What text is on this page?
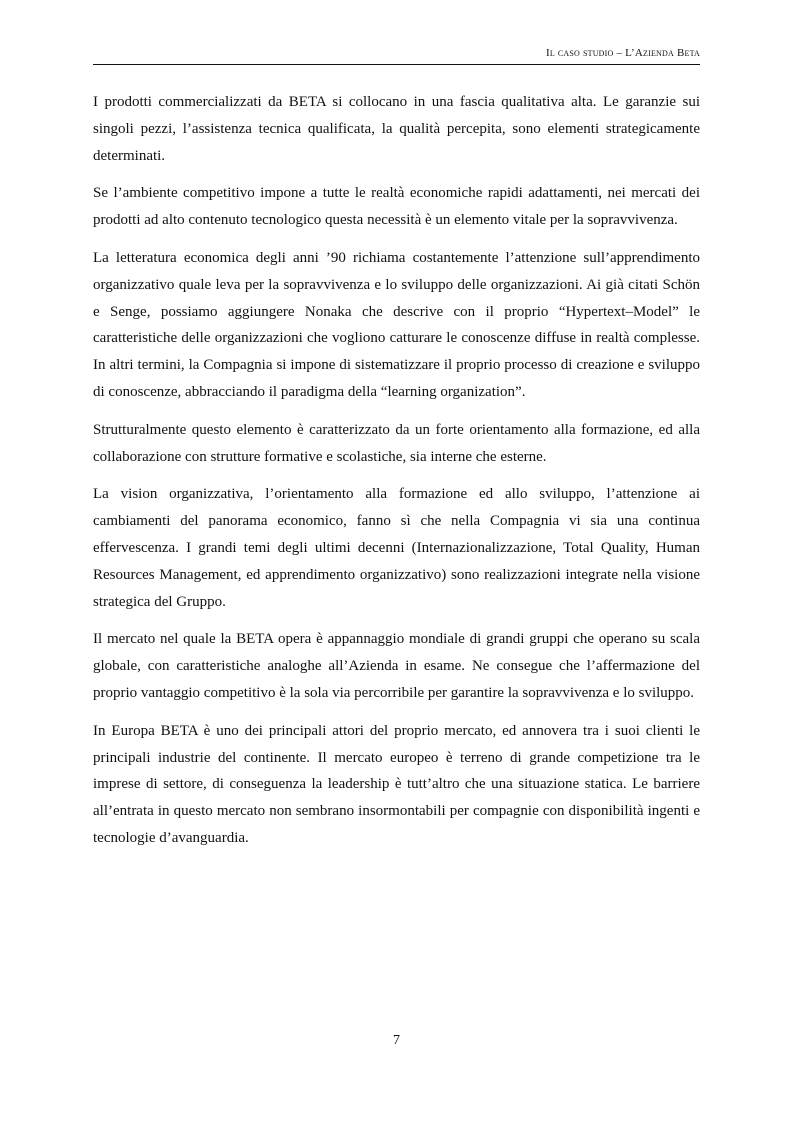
Il caso studio – L’Azienda Beta

I prodotti commercializzati da BETA si collocano in una fascia qualitativa alta. Le garanzie sui singoli pezzi, l’assistenza tecnica qualificata, la qualità percepita, sono elementi strategicamente determinati.

Se l’ambiente competitivo impone a tutte le realtà economiche rapidi adattamenti, nei mercati dei prodotti ad alto contenuto tecnologico questa necessità è un elemento vitale per la sopravvivenza.

La letteratura economica degli anni ’90 richiama costantemente l’attenzione sull’apprendimento organizzativo quale leva per la sopravvivenza e lo sviluppo delle organizzazioni. Ai già citati Schön e Senge, possiamo aggiungere Nonaka che descrive con il proprio “Hypertext–Model” le caratteristiche delle organizzazioni che vogliono catturare le conoscenze diffuse in realtà complesse. In altri termini, la Compagnia si impone di sistematizzare il proprio processo di creazione e sviluppo di conoscenze, abbracciando il paradigma della “learning organization”.

Strutturalmente questo elemento è caratterizzato da un forte orientamento alla formazione, ed alla collaborazione con strutture formative e scolastiche, sia interne che esterne.

La vision organizzativa, l’orientamento alla formazione ed allo sviluppo, l’attenzione ai cambiamenti del panorama economico, fanno sì che nella Compagnia vi sia una continua effervescenza. I grandi temi degli ultimi decenni (Internazionalizzazione, Total Quality, Human Resources Management, ed apprendimento organizzativo) sono realizzazioni integrate nella visione strategica del Gruppo.

Il mercato nel quale la BETA opera è appannaggio mondiale di grandi gruppi che operano su scala globale, con caratteristiche analoghe all’Azienda in esame. Ne consegue che l’affermazione del proprio vantaggio competitivo è la sola via percorribile per garantire la sopravvivenza e lo sviluppo.

In Europa BETA è uno dei principali attori del proprio mercato, ed annovera tra i suoi clienti le principali industrie del continente. Il mercato europeo è terreno di grande competizione tra le imprese di settore, di conseguenza la leadership è tutt’altro che una situazione statica. Le barriere all’entrata in questo mercato non sembrano insormontabili per compagnie con disponibilità ingenti e tecnologie d’avanguardia.

7
